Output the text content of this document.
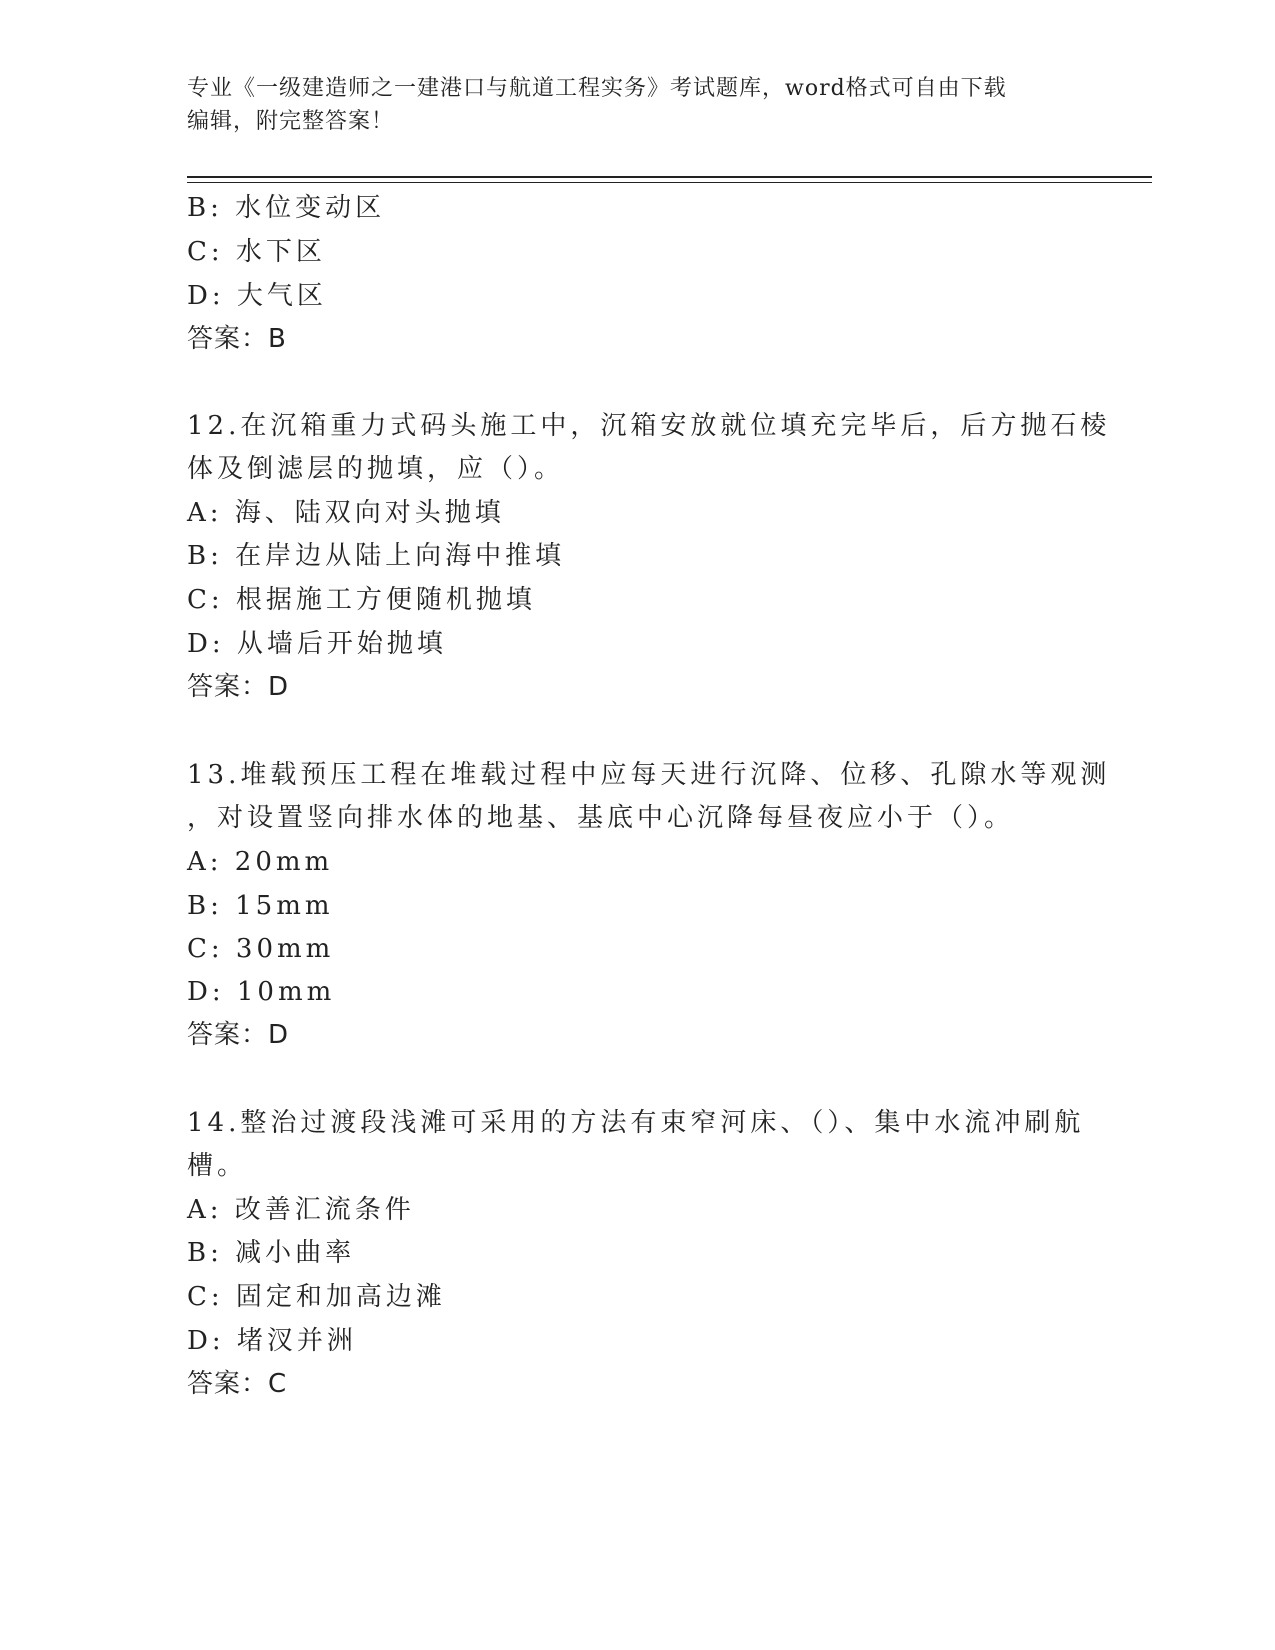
专业《一级建造师之一建港口与航道工程实务》考试题库，word格式可自由下载
编辑，附完整答案！
B: 水位变动区
C: 水下区
D: 大气区
答案：B
12.在沉箱重力式码头施工中，沉箱安放就位填充完毕后，后方抛石棱
体及倒滤层的抛填，应（）。
A: 海、陆双向对头抛填
B: 在岸边从陆上向海中推填
C: 根据施工方便随机抛填
D: 从墙后开始抛填
答案：D
13.堆载预压工程在堆载过程中应每天进行沉降、位移、孔隙水等观测
，对设置竖向排水体的地基、基底中心沉降每昼夜应小于（）。
A: 20mm
B: 15mm
C: 30mm
D: 10mm
答案：D
14.整治过渡段浅滩可采用的方法有束窄河床、（）、集中水流冲刷航
槽。
A: 改善汇流条件
B: 减小曲率
C: 固定和加高边滩
D: 堵汊并洲
答案：C
